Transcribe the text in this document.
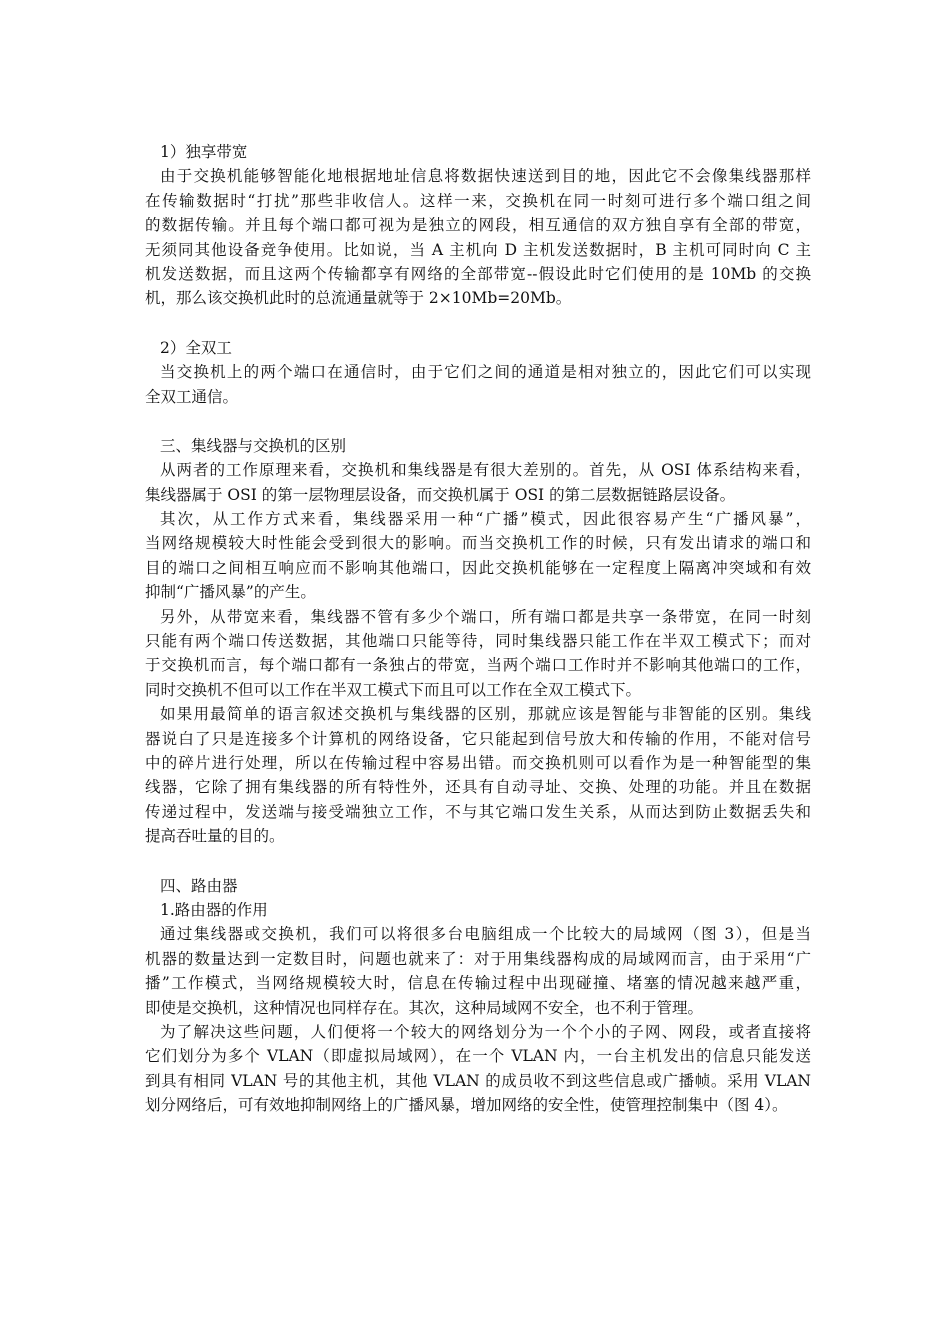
1）独享带宽
由于交换机能够智能化地根据地址信息将数据快速送到目的地，因此它不会像集线器那样
在传输数据时“打扰”那些非收信人。这样一来，交换机在同一时刻可进行多个端口组之间
的数据传输。并且每个端口都可视为是独立的网段，相互通信的双方独自享有全部的带宽，
无须同其他设备竞争使用。比如说，当 A 主机向 D 主机发送数据时，B 主机可同时向 C 主
机发送数据，而且这两个传输都享有网络的全部带宽--假设此时它们使用的是 10Mb 的交换
机，那么该交换机此时的总流通量就等于 2×10Mb=20Mb。
2）全双工
当交换机上的两个端口在通信时，由于它们之间的通道是相对独立的，因此它们可以实现
全双工通信。
三、集线器与交换机的区别
从两者的工作原理来看，交换机和集线器是有很大差别的。首先，从 OSI 体系结构来看，
集线器属于 OSI 的第一层物理层设备，而交换机属于 OSI 的第二层数据链路层设备。
其次，从工作方式来看，集线器采用一种“广播”模式，因此很容易产生“广播风暴”，
当网络规模较大时性能会受到很大的影响。而当交换机工作的时候，只有发出请求的端口和
目的端口之间相互响应而不影响其他端口，因此交换机能够在一定程度上隔离冲突域和有效
抑制“广播风暴”的产生。
另外，从带宽来看，集线器不管有多少个端口，所有端口都是共享一条带宽，在同一时刻
只能有两个端口传送数据，其他端口只能等待，同时集线器只能工作在半双工模式下；而对
于交换机而言，每个端口都有一条独占的带宽，当两个端口工作时并不影响其他端口的工作，
同时交换机不但可以工作在半双工模式下而且可以工作在全双工模式下。
如果用最简单的语言叙述交换机与集线器的区别，那就应该是智能与非智能的区别。集线
器说白了只是连接多个计算机的网络设备，它只能起到信号放大和传输的作用，不能对信号
中的碎片进行处理，所以在传输过程中容易出错。而交换机则可以看作为是一种智能型的集
线器，它除了拥有集线器的所有特性外，还具有自动寻址、交换、处理的功能。并且在数据
传递过程中，发送端与接受端独立工作，不与其它端口发生关系，从而达到防止数据丢失和
提高吞吐量的目的。
四、路由器
1.路由器的作用
通过集线器或交换机，我们可以将很多台电脑组成一个比较大的局域网（图 3），但是当
机器的数量达到一定数目时，问题也就来了：对于用集线器构成的局域网而言，由于采用“广
播”工作模式，当网络规模较大时，信息在传输过程中出现碰撞、堵塞的情况越来越严重，
即使是交换机，这种情况也同样存在。其次，这种局域网不安全，也不利于管理。
为了解决这些问题，人们便将一个较大的网络划分为一个个小的子网、网段，或者直接将
它们划分为多个 VLAN（即虚拟局域网），在一个 VLAN 内，一台主机发出的信息只能发送
到具有相同 VLAN 号的其他主机，其他 VLAN 的成员收不到这些信息或广播帧。采用 VLAN
划分网络后，可有效地抑制网络上的广播风暴，增加网络的安全性，使管理控制集中（图 4）。
